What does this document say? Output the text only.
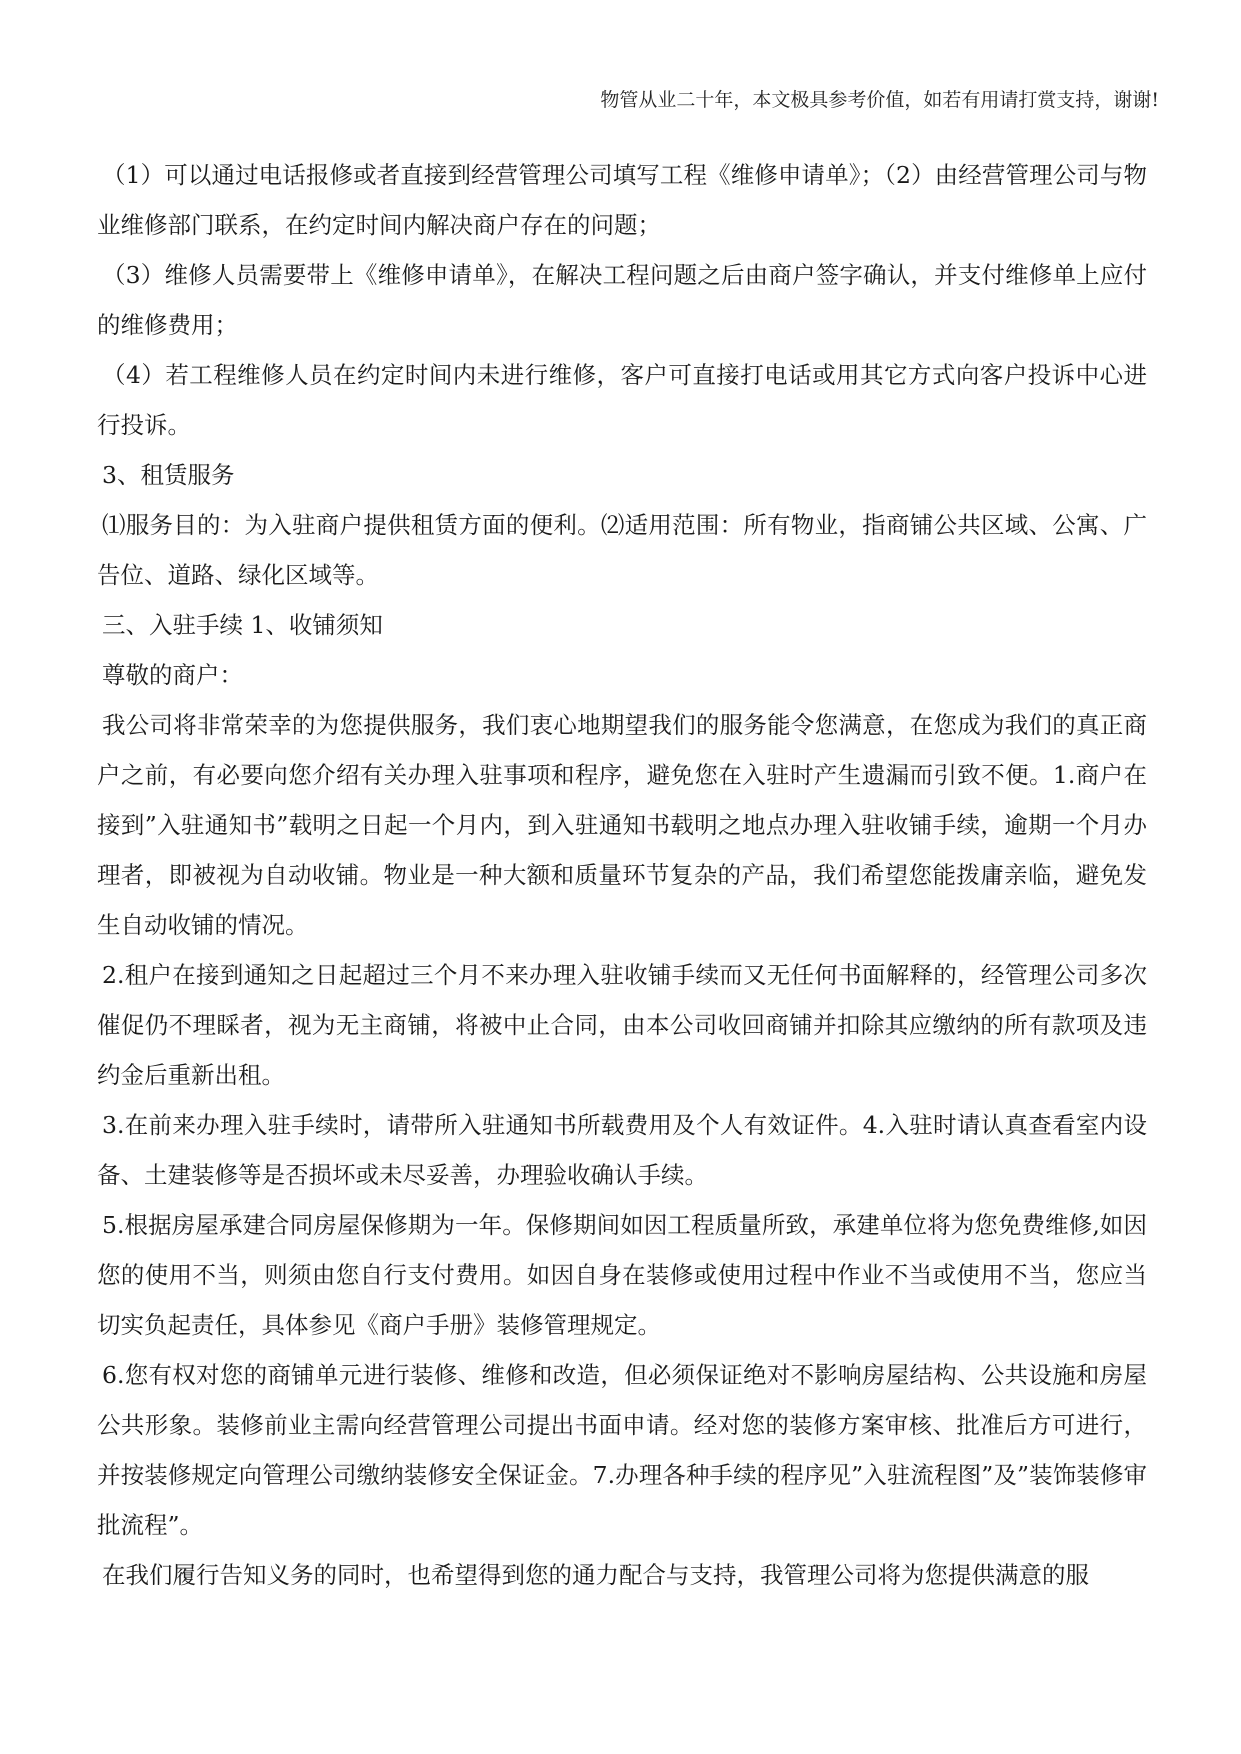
物管从业二十年，本文极具参考价值，如若有用请打赏支持，谢谢!

（1）可以通过电话报修或者直接到经营管理公司填写工程《维修申请单》；（2）由经营管理公司与物业维修部门联系，在约定时间内解决商户存在的问题；

（3）维修人员需要带上《维修申请单》，在解决工程问题之后由商户签字确认，并支付维修单上应付的维修费用；

（4）若工程维修人员在约定时间内未进行维修，客户可直接打电话或用其它方式向客户投诉中心进行投诉。

3、租赁服务

⑴服务目的：为入驻商户提供租赁方面的便利。⑵适用范围：所有物业，指商铺公共区域、公寓、广告位、道路、绿化区域等。

三、入驻手续 1、收铺须知

尊敬的商户：

我公司将非常荣幸的为您提供服务，我们衷心地期望我们的服务能令您满意，在您成为我们的真正商户之前，有必要向您介绍有关办理入驻事项和程序，避免您在入驻时产生遗漏而引致不便。1.商户在接到”入驻通知书”载明之日起一个月内，到入驻通知书载明之地点办理入驻收铺手续，逾期一个月办理者，即被视为自动收铺。物业是一种大额和质量环节复杂的产品，我们希望您能拨庸亲临，避免发生自动收铺的情况。

2.租户在接到通知之日起超过三个月不来办理入驻收铺手续而又无任何书面解释的，经管理公司多次催促仍不理睬者，视为无主商铺，将被中止合同，由本公司收回商铺并扣除其应缴纳的所有款项及违约金后重新出租。

3.在前来办理入驻手续时，请带所入驻通知书所载费用及个人有效证件。4.入驻时请认真查看室内设备、土建装修等是否损坏或未尽妥善，办理验收确认手续。

5.根据房屋承建合同房屋保修期为一年。保修期间如因工程质量所致，承建单位将为您免费维修,如因您的使用不当，则须由您自行支付费用。如因自身在装修或使用过程中作业不当或使用不当，您应当切实负起责任，具体参见《商户手册》装修管理规定。

6.您有权对您的商铺单元进行装修、维修和改造，但必须保证绝对不影响房屋结构、公共设施和房屋公共形象。装修前业主需向经营管理公司提出书面申请。经对您的装修方案审核、批准后方可进行，并按装修规定向管理公司缴纳装修安全保证金。7.办理各种手续的程序见”入驻流程图”及”装饰装修审批流程”。

在我们履行告知义务的同时，也希望得到您的通力配合与支持，我管理公司将为您提供满意的服
